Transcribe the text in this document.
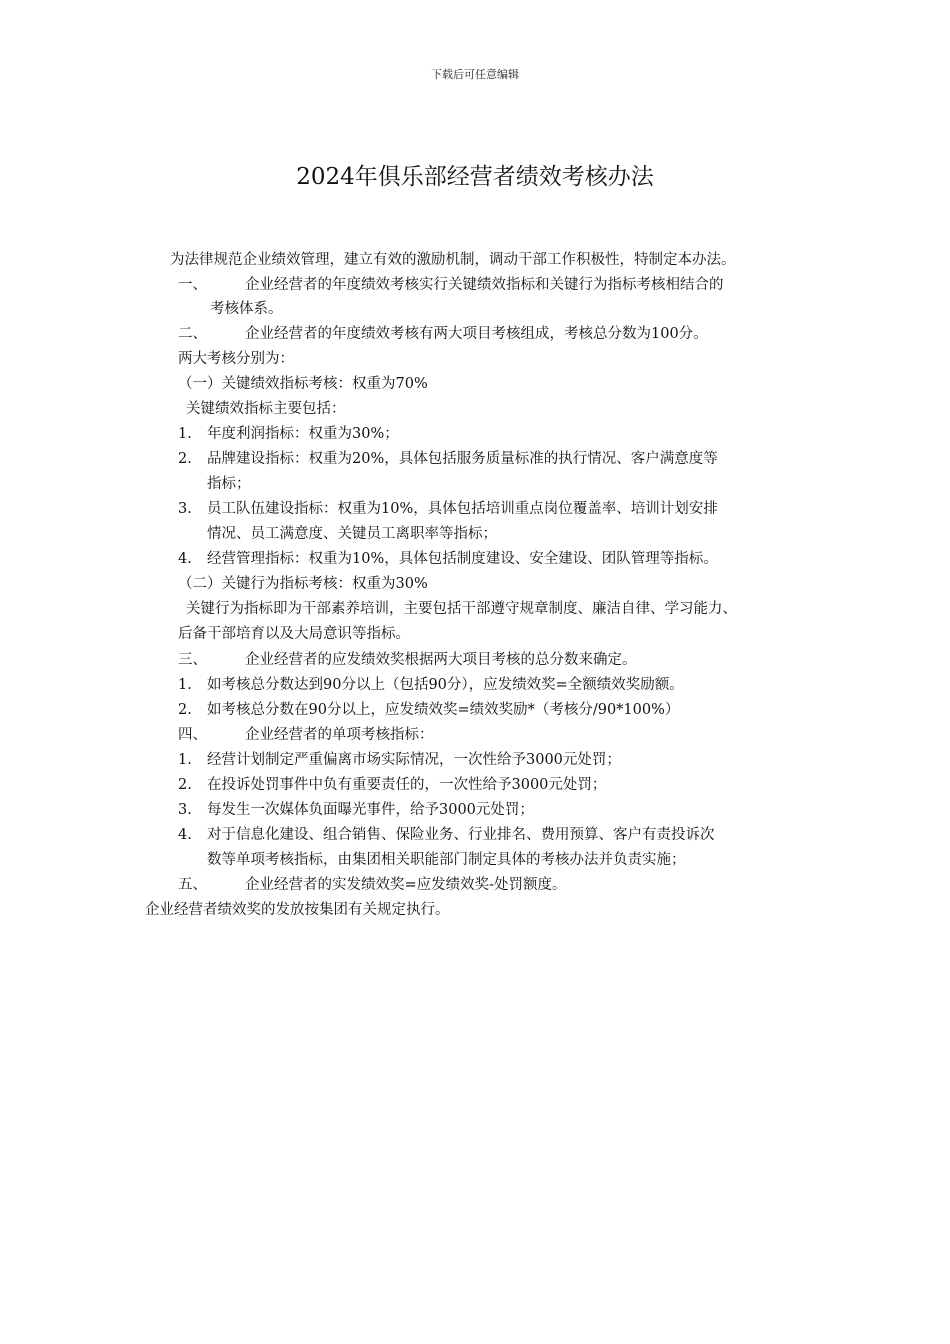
下载后可任意编辑
2024年俱乐部经营者绩效考核办法
为法律规范企业绩效管理，建立有效的激励机制，调动干部工作积极性，特制定本办法。
一、	企业经营者的年度绩效考核实行关键绩效指标和关键行为指标考核相结合的
考核体系。
二、	企业经营者的年度绩效考核有两大项目考核组成，考核总分数为100分。
两大考核分别为：
（一）关键绩效指标考核：权重为70%
关键绩效指标主要包括：
1. 年度利润指标：权重为30%；
2. 品牌建设指标：权重为20%，具体包括服务质量标准的执行情况、客户满意度等
指标；
3. 员工队伍建设指标：权重为10%，具体包括培训重点岗位覆盖率、培训计划安排
情况、员工满意度、关键员工离职率等指标；
4. 经营管理指标：权重为10%，具体包括制度建设、安全建设、团队管理等指标。
（二）关键行为指标考核：权重为30%
关键行为指标即为干部素养培训，主要包括干部遵守规章制度、廉洁自律、学习能力、
后备干部培育以及大局意识等指标。
三、	企业经营者的应发绩效奖根据两大项目考核的总分数来确定。
1. 如考核总分数达到90分以上（包括90分），应发绩效奖=全额绩效奖励额。
2. 如考核总分数在90分以上，应发绩效奖=绩效奖励*（考核分/90*100%）
四、	企业经营者的单项考核指标：
1. 经营计划制定严重偏离市场实际情况，一次性给予3000元处罚；
2. 在投诉处罚事件中负有重要责任的，一次性给予3000元处罚；
3. 每发生一次媒体负面曝光事件，给予3000元处罚；
4. 对于信息化建设、组合销售、保险业务、行业排名、费用预算、客户有责投诉次
数等单项考核指标，由集团相关职能部门制定具体的考核办法并负责实施；
五、	企业经营者的实发绩效奖=应发绩效奖-处罚额度。
企业经营者绩效奖的发放按集团有关规定执行。
